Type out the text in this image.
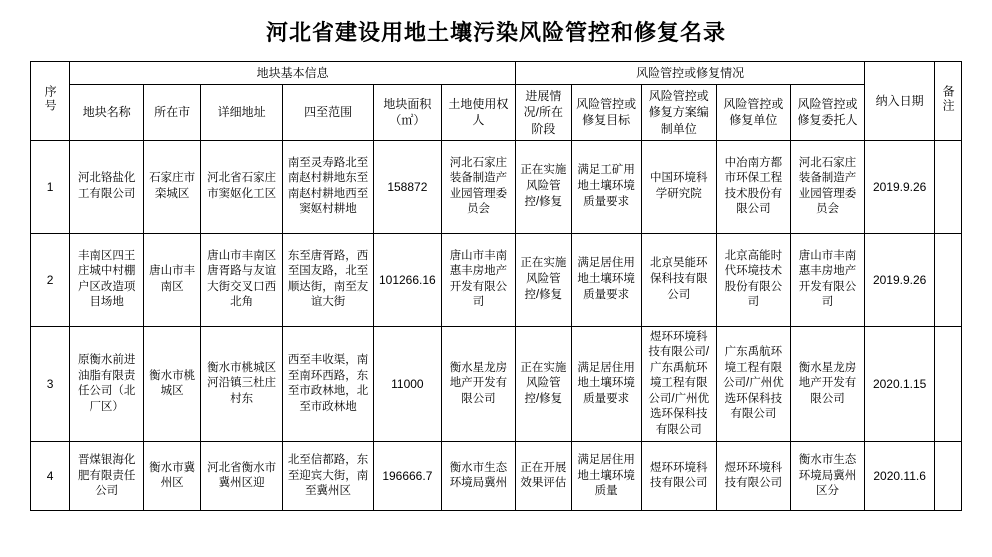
河北省建设用地土壤污染风险管控和修复名录
序号	地块基本信息						风险管控或修复情况					纳入日期	备注
	地块名称	所在市	详细地址	四至范围	地块面积（㎡）	土地使用权人	进展情况/所在阶段	风险管控或修复目标	风险管控或修复方案编制单位	风险管控或修复单位	风险管控或修复委托人		
1	河北铬盐化工有限公司	石家庄市栾城区	河北省石家庄市窦妪化工区	南至灵寿路北至南赵村耕地东至南赵村耕地西至窦妪村耕地	158872	河北石家庄装备制造产业园管理委员会	正在实施风险管控/修复	满足工矿用地土壤环境质量要求	中国环境科学研究院	中冶南方都市环保工程技术股份有限公司	河北石家庄装备制造产业园管理委员会	2019.9.26	
2	丰南区四王庄城中村棚户区改造项目场地	唐山市丰南区	唐山市丰南区唐胥路与友谊大街交叉口西北角	东至唐胥路，西至国友路，北至顺达街，南至友谊大街	101266.16	唐山市丰南惠丰房地产开发有限公司	正在实施风险管控/修复	满足居住用地土壤环境质量要求	北京昊能环保科技有限公司	北京高能时代环境技术股份有限公司	唐山市丰南惠丰房地产开发有限公司	2019.9.26	
3	原衡水前进油脂有限责任公司（北厂区）	衡水市桃城区	衡水市桃城区河沿镇三杜庄村东	西至丰收渠，南至南环西路，东至市政林地，北至市政林地	11000	衡水星龙房地产开发有限公司	正在实施风险管控/修复	满足居住用地土壤环境质量要求	煜环环境科技有限公司/广东禹航环境工程有限公司/广州优选环保科技有限公司	广东禹航环境工程有限公司/广州优选环保科技有限公司	衡水星龙房地产开发有限公司	2020.1.15	
4	晋煤银海化肥有限责任公司	衡水市冀州区	河北省衡水市冀州区迎	北至信都路，东至迎宾大街，南至冀州区	196666.7	衡水市生态环境局冀州	正在开展效果评估	满足居住用地土壤环境质量	煜环环境科技有限公司	煜环环境科技有限公司	衡水市生态环境局冀州区分	2020.11.6	
